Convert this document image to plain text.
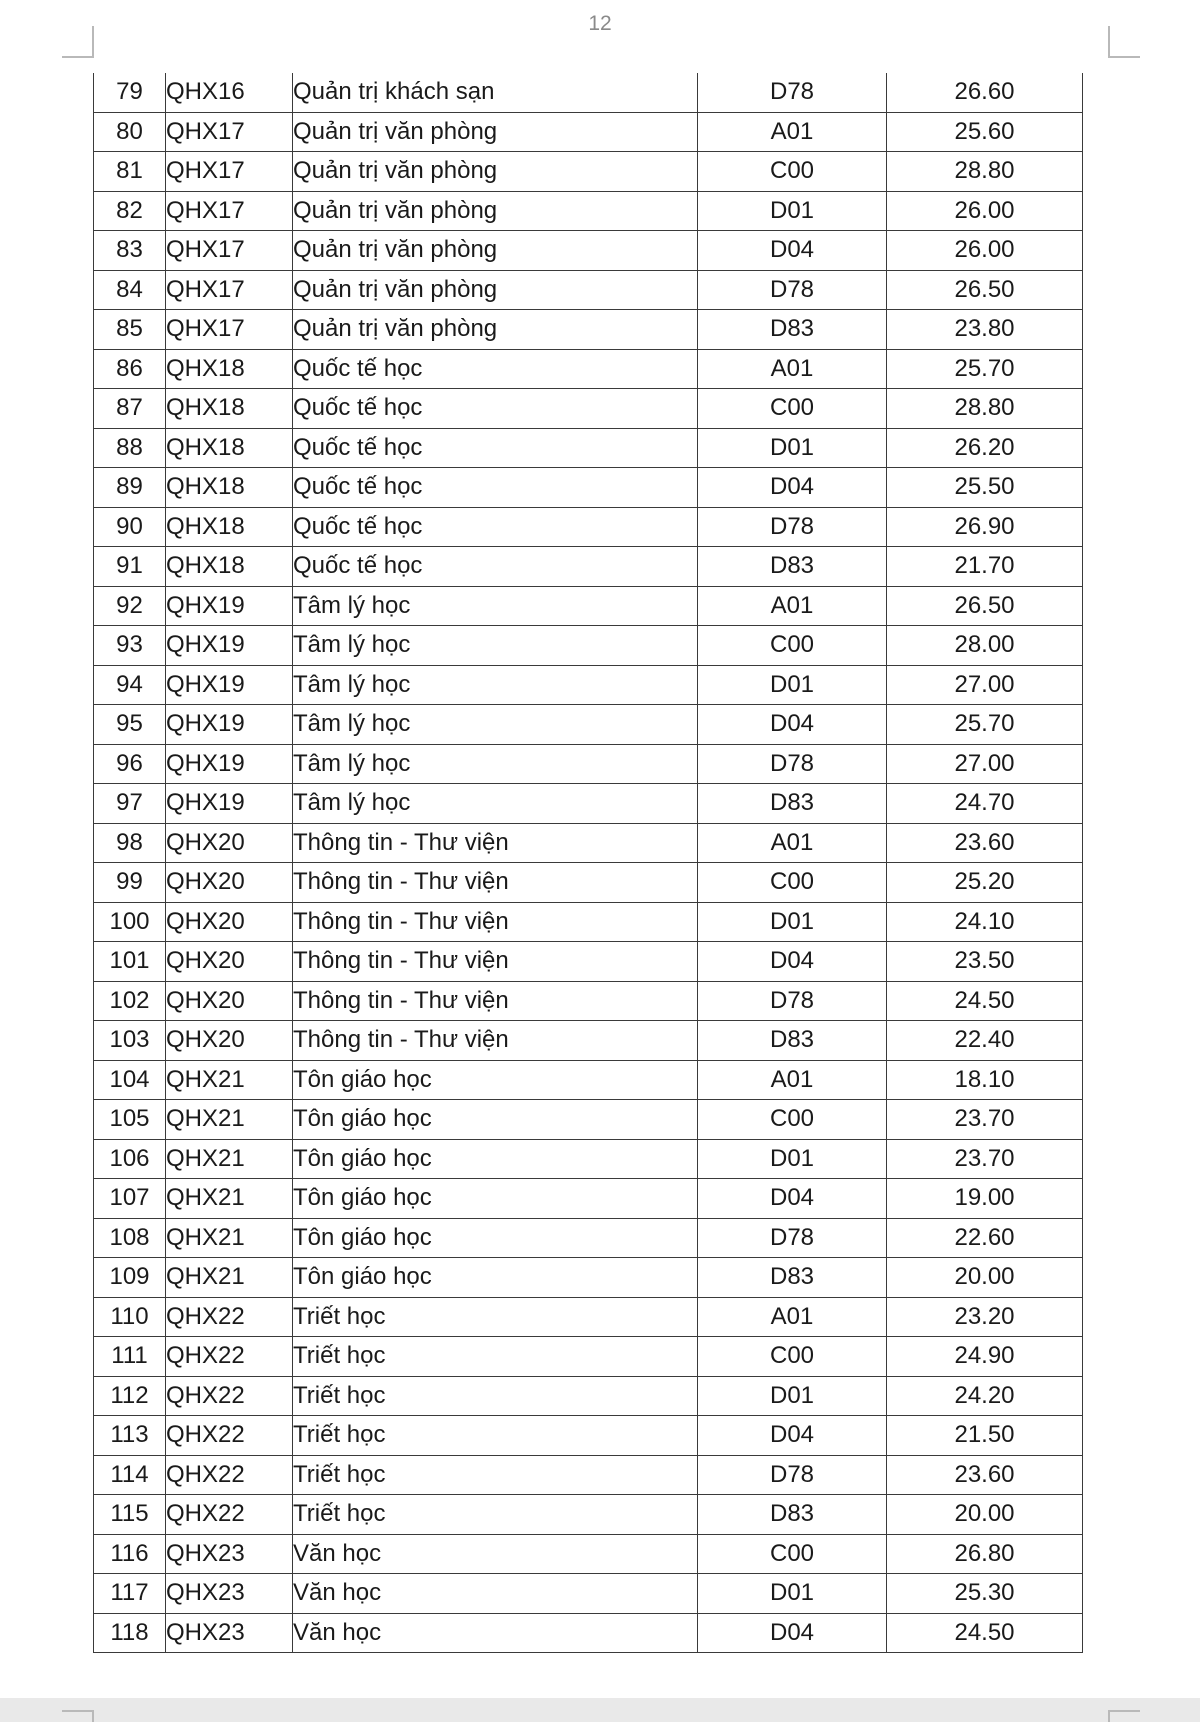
12
79	QHX16	Quản trị khách sạn	D78	26.60
80	QHX17	Quản trị văn phòng	A01	25.60
81	QHX17	Quản trị văn phòng	C00	28.80
82	QHX17	Quản trị văn phòng	D01	26.00
83	QHX17	Quản trị văn phòng	D04	26.00
84	QHX17	Quản trị văn phòng	D78	26.50
85	QHX17	Quản trị văn phòng	D83	23.80
86	QHX18	Quốc tế học	A01	25.70
87	QHX18	Quốc tế học	C00	28.80
88	QHX18	Quốc tế học	D01	26.20
89	QHX18	Quốc tế học	D04	25.50
90	QHX18	Quốc tế học	D78	26.90
91	QHX18	Quốc tế học	D83	21.70
92	QHX19	Tâm lý học	A01	26.50
93	QHX19	Tâm lý học	C00	28.00
94	QHX19	Tâm lý học	D01	27.00
95	QHX19	Tâm lý học	D04	25.70
96	QHX19	Tâm lý học	D78	27.00
97	QHX19	Tâm lý học	D83	24.70
98	QHX20	Thông tin - Thư viện	A01	23.60
99	QHX20	Thông tin - Thư viện	C00	25.20
100	QHX20	Thông tin - Thư viện	D01	24.10
101	QHX20	Thông tin - Thư viện	D04	23.50
102	QHX20	Thông tin - Thư viện	D78	24.50
103	QHX20	Thông tin - Thư viện	D83	22.40
104	QHX21	Tôn giáo học	A01	18.10
105	QHX21	Tôn giáo học	C00	23.70
106	QHX21	Tôn giáo học	D01	23.70
107	QHX21	Tôn giáo học	D04	19.00
108	QHX21	Tôn giáo học	D78	22.60
109	QHX21	Tôn giáo học	D83	20.00
110	QHX22	Triết học	A01	23.20
111	QHX22	Triết học	C00	24.90
112	QHX22	Triết học	D01	24.20
113	QHX22	Triết học	D04	21.50
114	QHX22	Triết học	D78	23.60
115	QHX22	Triết học	D83	20.00
116	QHX23	Văn học	C00	26.80
117	QHX23	Văn học	D01	25.30
118	QHX23	Văn học	D04	24.50
